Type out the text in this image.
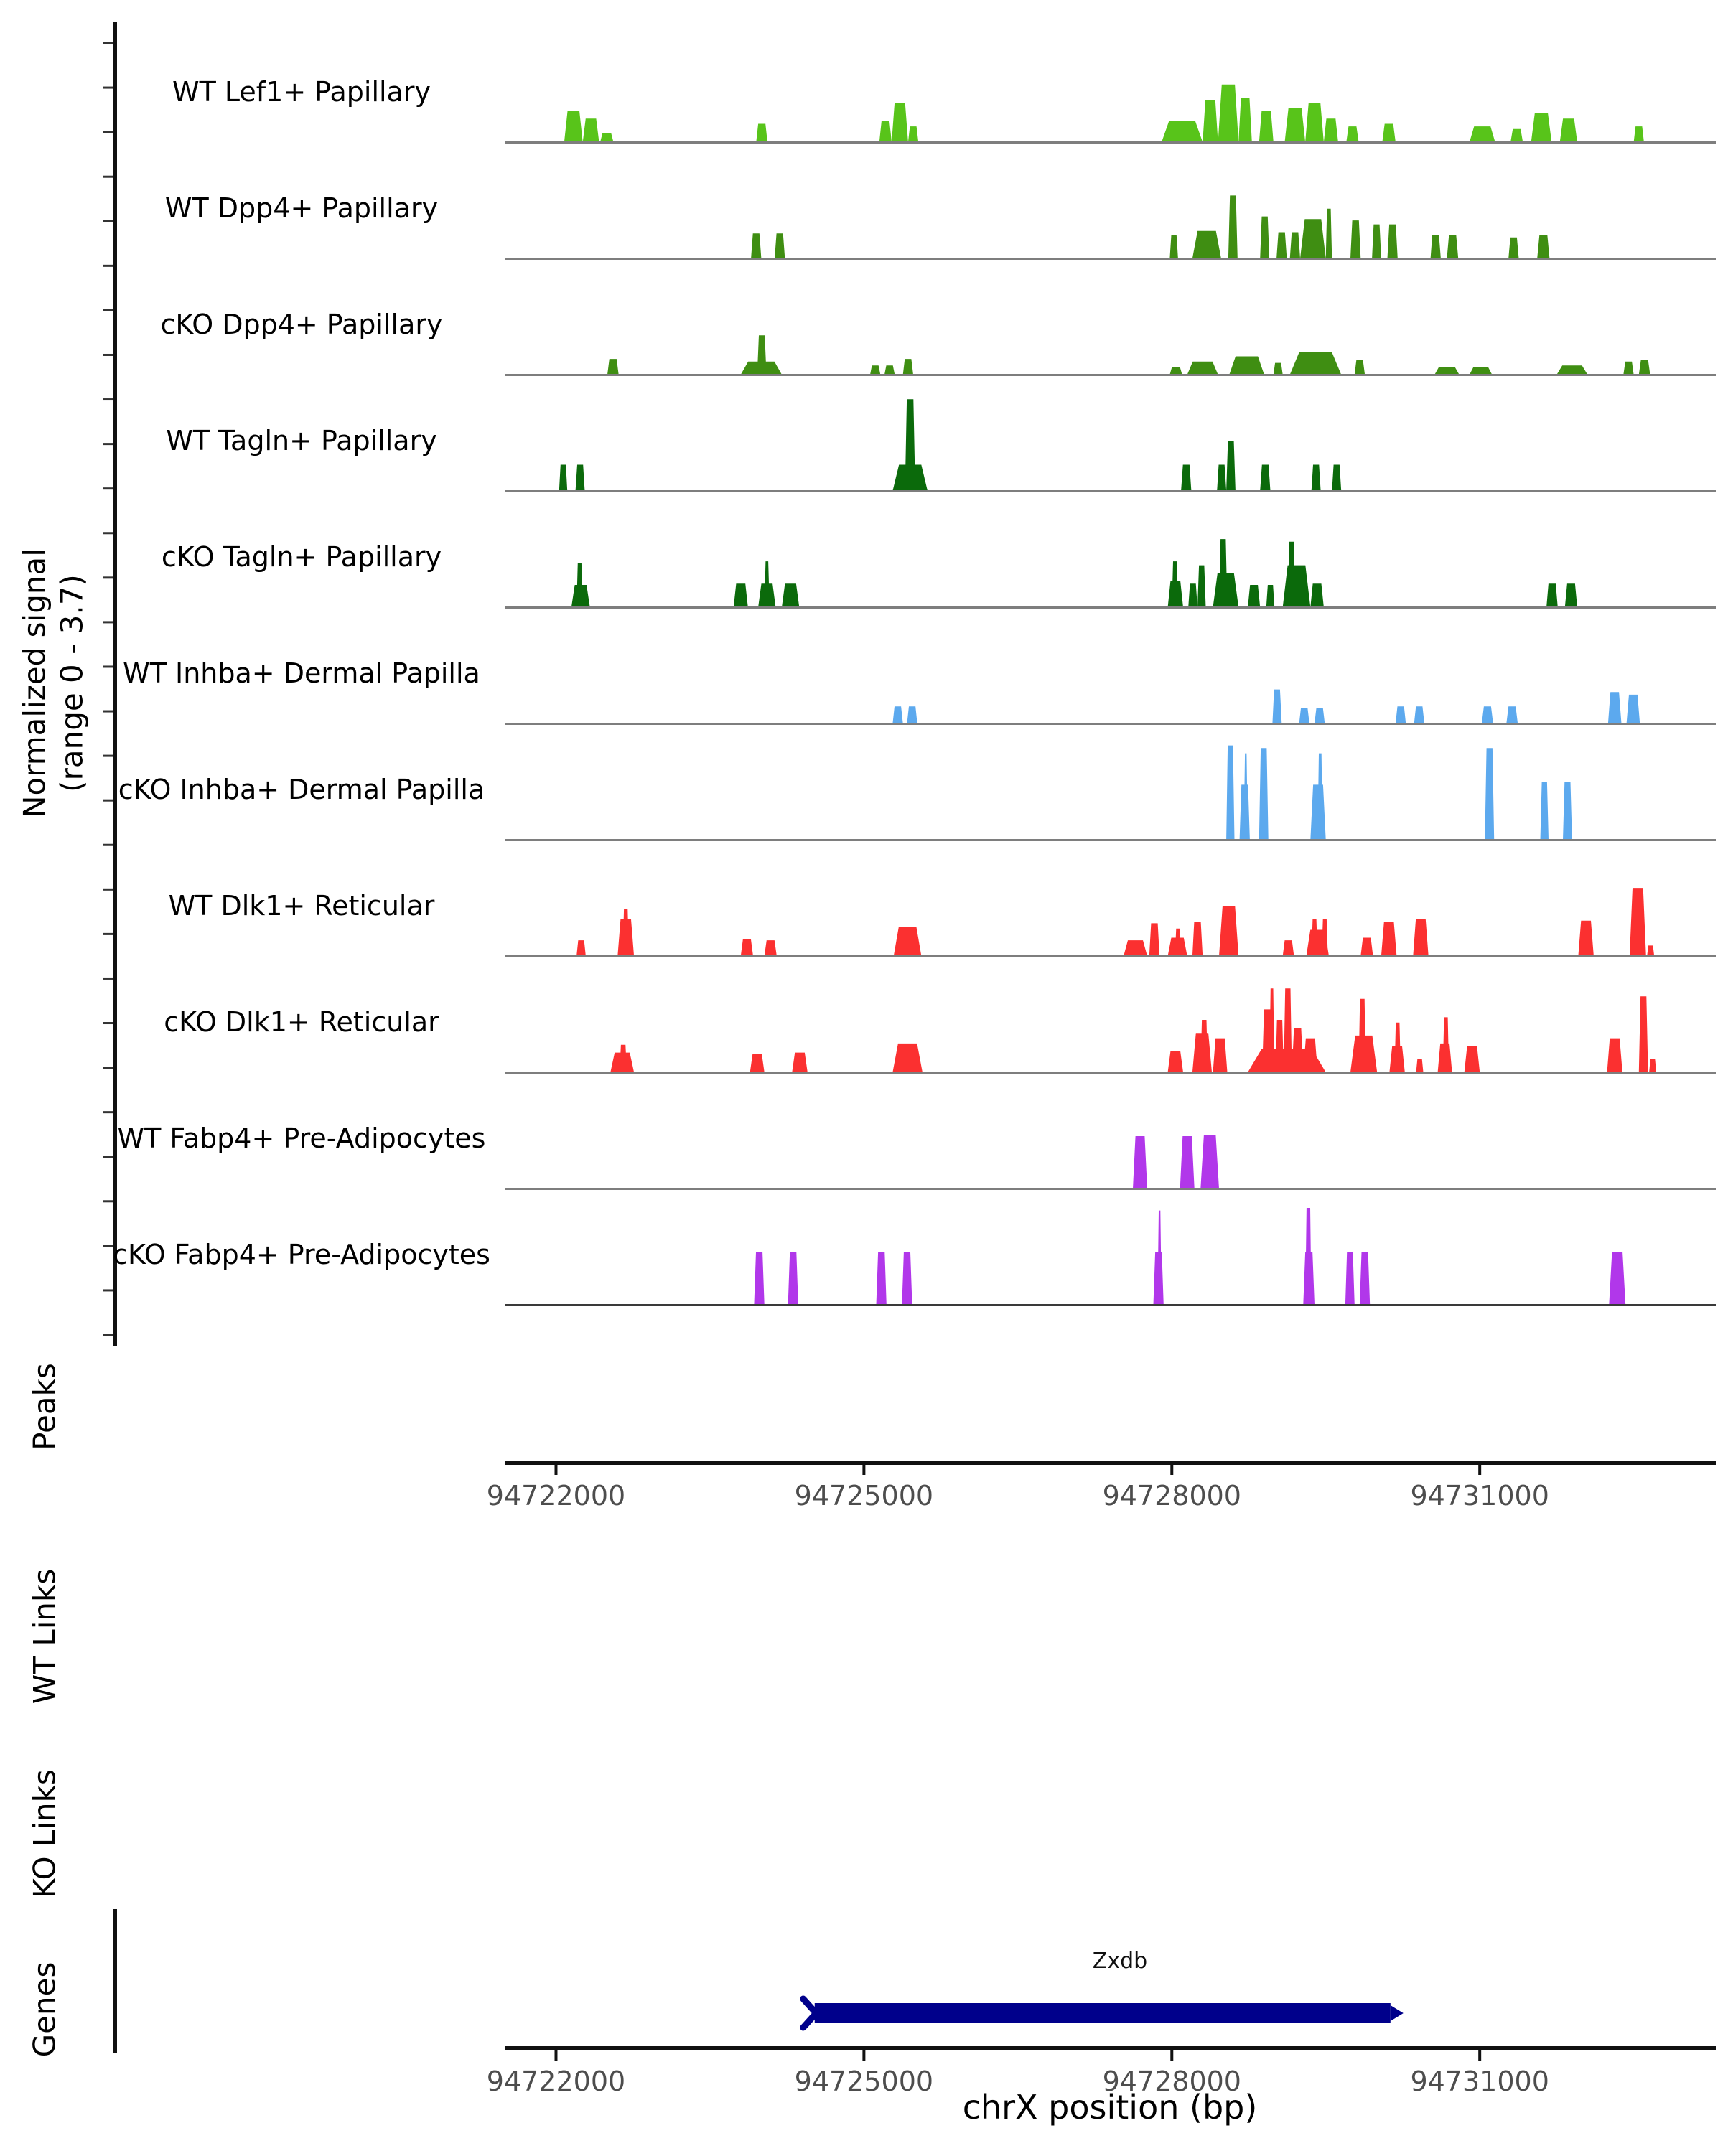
Normalized signal (range 0 - 3.7)
Peaks
WT Links
KO Links
Genes
Zxdb
chrX position (bp)
WT Lef1+ Papillary
WT Dpp4+ Papillary
cKO Dpp4+ Papillary
WT Tagln+ Papillary
cKO Tagln+ Papillary
WT Inhba+ Dermal Papilla
cKO Inhba+ Dermal Papilla
WT Dlk1+ Reticular
cKO Dlk1+ Reticular
WT Fabp4+ Pre-Adipocytes
cKO Fabp4+ Pre-Adipocytes
94722000	94725000	94728000	94731000
94722000	94725000	94728000	94731000
